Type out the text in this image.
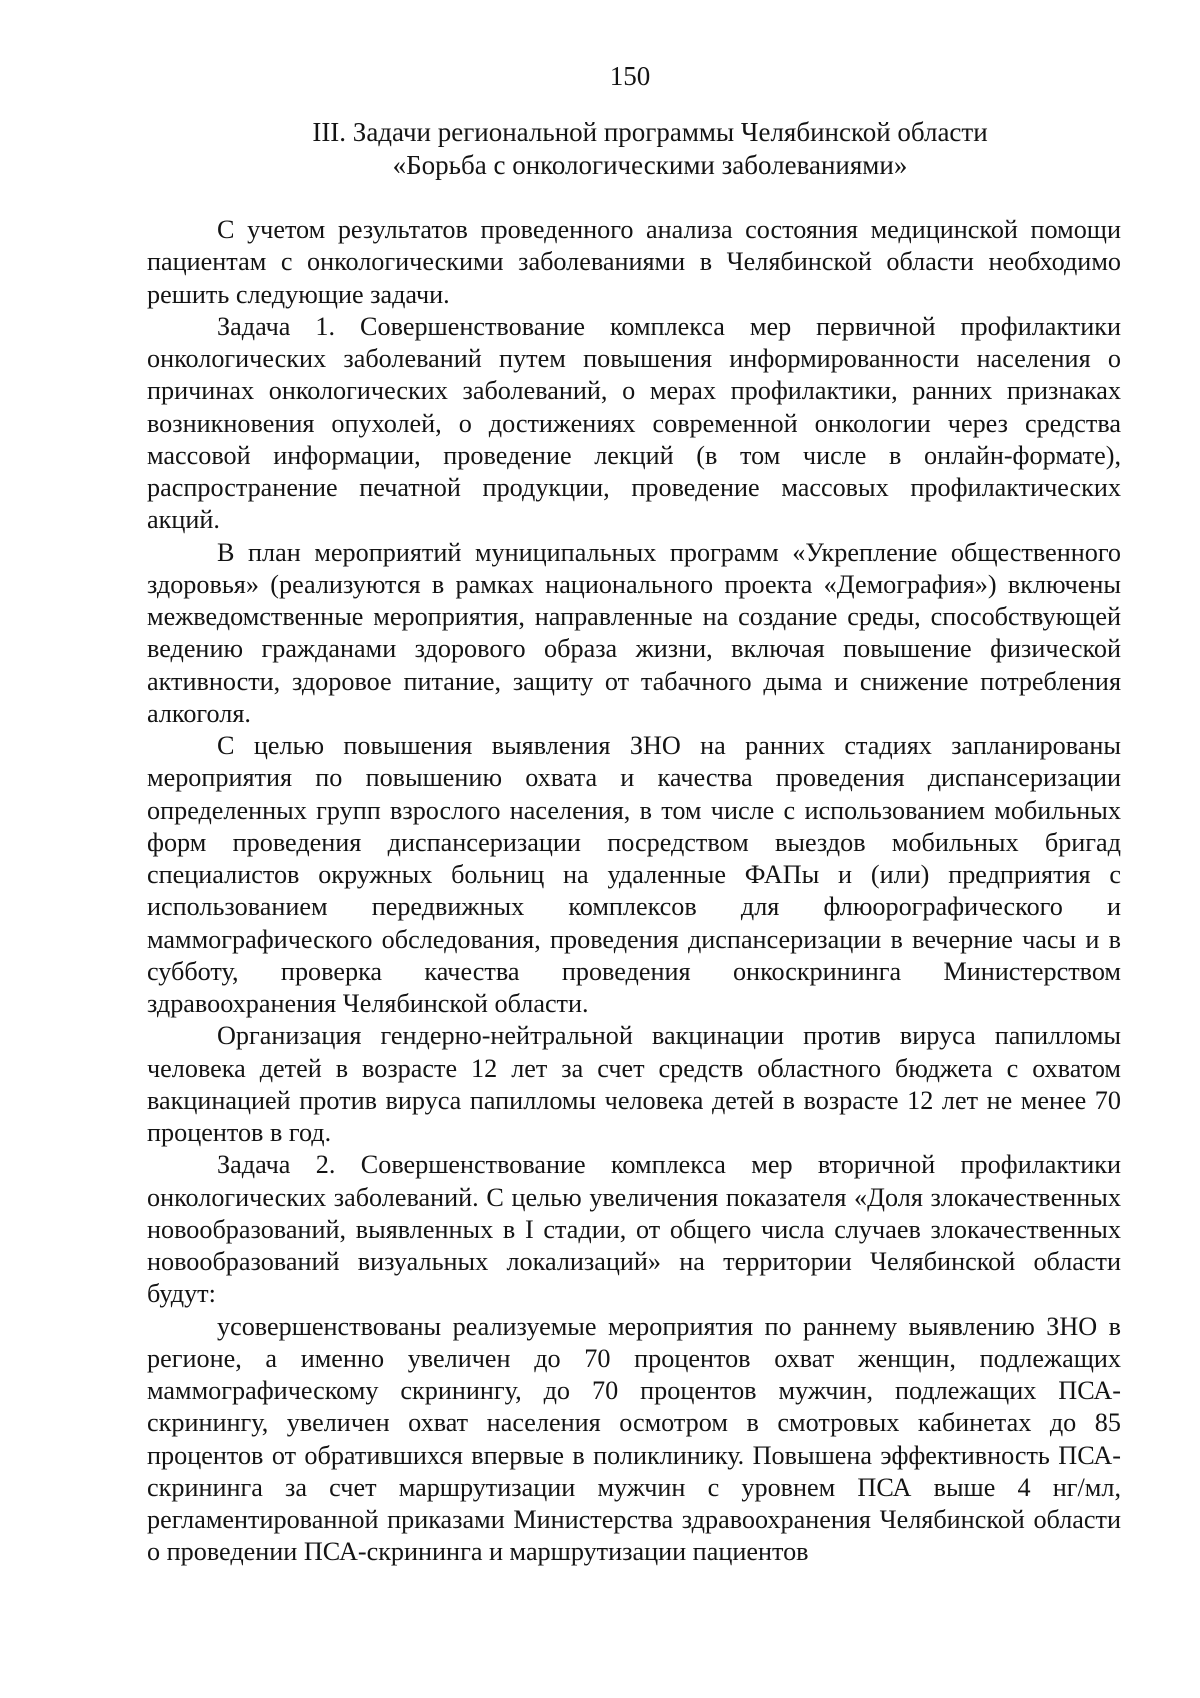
150
III. Задачи региональной программы Челябинской области
«Борьба с онкологическими заболеваниями»

С учетом результатов проведенного анализа состояния медицинской помощи пациентам с онкологическими заболеваниями в Челябинской области необходимо решить следующие задачи.

Задача 1. Совершенствование комплекса мер первичной профилактики онкологических заболеваний путем повышения информированности населения о причинах онкологических заболеваний, о мерах профилактики, ранних признаках возникновения опухолей, о достижениях современной онкологии через средства массовой информации, проведение лекций (в том числе в онлайн-формате), распространение печатной продукции, проведение массовых профилактических акций.

В план мероприятий муниципальных программ «Укрепление общественного здоровья» (реализуются в рамках национального проекта «Демография») включены межведомственные мероприятия, направленные на создание среды, способствующей ведению гражданами здорового образа жизни, включая повышение физической активности, здоровое питание, защиту от табачного дыма и снижение потребления алкоголя.

С целью повышения выявления ЗНО на ранних стадиях запланированы мероприятия по повышению охвата и качества проведения диспансеризации определенных групп взрослого населения, в том числе с использованием мобильных форм проведения диспансеризации посредством выездов мобильных бригад специалистов окружных больниц на удаленные ФАПы и (или) предприятия с использованием передвижных комплексов для флюорографического и маммографического обследования, проведения диспансеризации в вечерние часы и в субботу, проверка качества проведения онкоскрининга Министерством здравоохранения Челябинской области.

Организация гендерно-нейтральной вакцинации против вируса папилломы человека детей в возрасте 12 лет за счет средств областного бюджета с охватом вакцинацией против вируса папилломы человека детей в возрасте 12 лет не менее 70 процентов в год.

Задача 2. Совершенствование комплекса мер вторичной профилактики онкологических заболеваний. С целью увеличения показателя «Доля злокачественных новообразований, выявленных в I стадии, от общего числа случаев злокачественных новообразований визуальных локализаций» на территории Челябинской области будут:

усовершенствованы реализуемые мероприятия по раннему выявлению ЗНО в регионе, а именно увеличен до 70 процентов охват женщин, подлежащих маммографическому скринингу, до 70 процентов мужчин, подлежащих ПСА-скринингу, увеличен охват населения осмотром в смотровых кабинетах до 85 процентов от обратившихся впервые в поликлинику. Повышена эффективность ПСА-скрининга за счет маршрутизации мужчин с уровнем ПСА выше 4 нг/мл, регламентированной приказами Министерства здравоохранения Челябинской области о проведении ПСА-скрининга и маршрутизации пациентов
